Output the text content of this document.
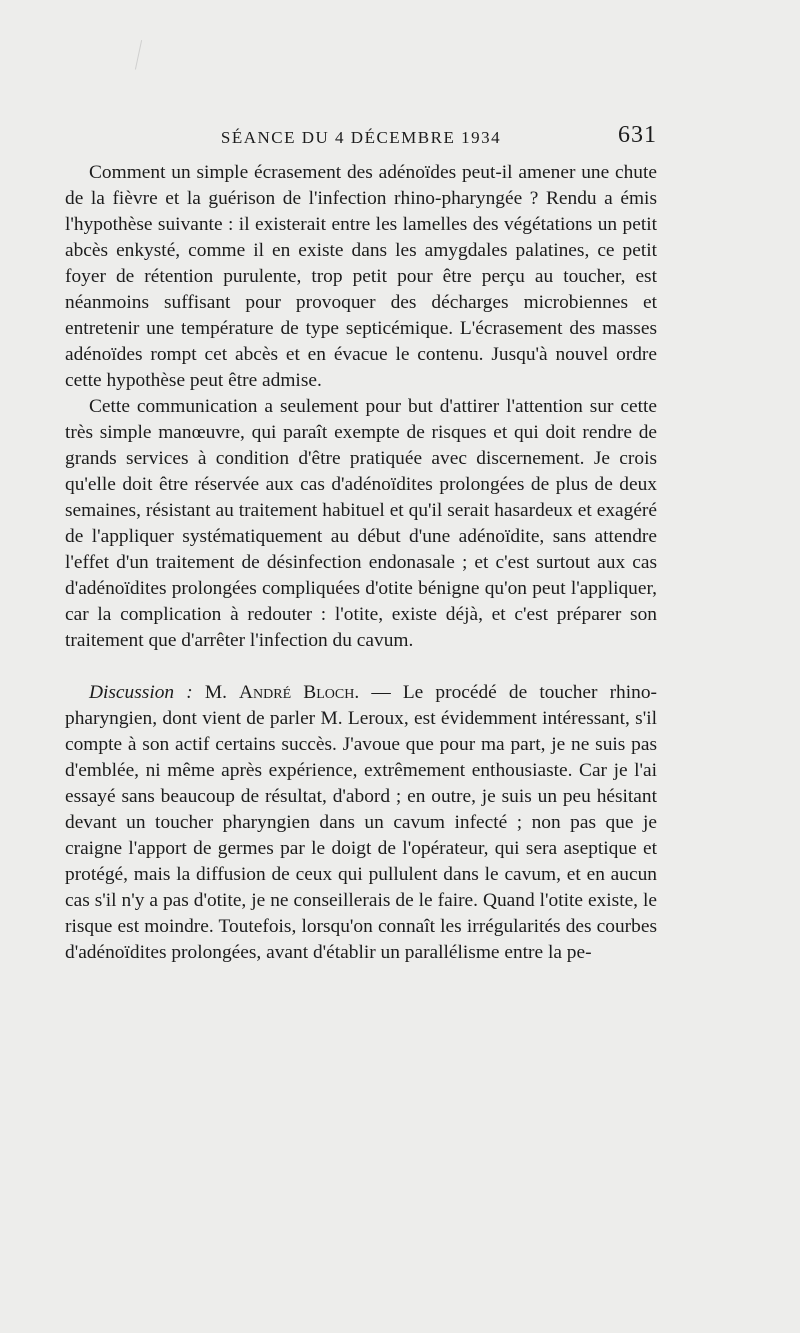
SÉANCE DU 4 DÉCEMBRE 1934	631

Comment un simple écrasement des adénoïdes peut-il amener une chute de la fièvre et la guérison de l'infection rhino-pharyngée ? Rendu a émis l'hypothèse suivante : il existerait entre les lamelles des végétations un petit abcès enkysté, comme il en existe dans les amygdales palatines, ce petit foyer de rétention purulente, trop petit pour être perçu au toucher, est néanmoins suffisant pour provoquer des décharges microbiennes et entretenir une température de type septicémique. L'écrasement des masses adénoïdes rompt cet abcès et en évacue le contenu. Jusqu'à nouvel ordre cette hypothèse peut être admise.

Cette communication a seulement pour but d'attirer l'attention sur cette très simple manœuvre, qui paraît exempte de risques et qui doit rendre de grands services à condition d'être pratiquée avec discernement. Je crois qu'elle doit être réservée aux cas d'adénoïdites prolongées de plus de deux semaines, résistant au traitement habituel et qu'il serait hasardeux et exagéré de l'appliquer systématiquement au début d'une adénoïdite, sans attendre l'effet d'un traitement de désinfection endonasale ; et c'est surtout aux cas d'adénoïdites prolongées compliquées d'otite bénigne qu'on peut l'appliquer, car la complication à redouter : l'otite, existe déjà, et c'est préparer son traitement que d'arrêter l'infection du cavum.

Discussion : M. André Bloch. — Le procédé de toucher rhino-pharyngien, dont vient de parler M. Leroux, est évidemment intéressant, s'il compte à son actif certains succès. J'avoue que pour ma part, je ne suis pas d'emblée, ni même après expérience, extrêmement enthousiaste. Car je l'ai essayé sans beaucoup de résultat, d'abord ; en outre, je suis un peu hésitant devant un toucher pharyngien dans un cavum infecté ; non pas que je craigne l'apport de germes par le doigt de l'opérateur, qui sera aseptique et protégé, mais la diffusion de ceux qui pullulent dans le cavum, et en aucun cas s'il n'y a pas d'otite, je ne conseillerais de le faire. Quand l'otite existe, le risque est moindre. Toutefois, lorsqu'on connaît les irrégularités des courbes d'adénoïdites prolongées, avant d'établir un parallélisme entre la pe-
